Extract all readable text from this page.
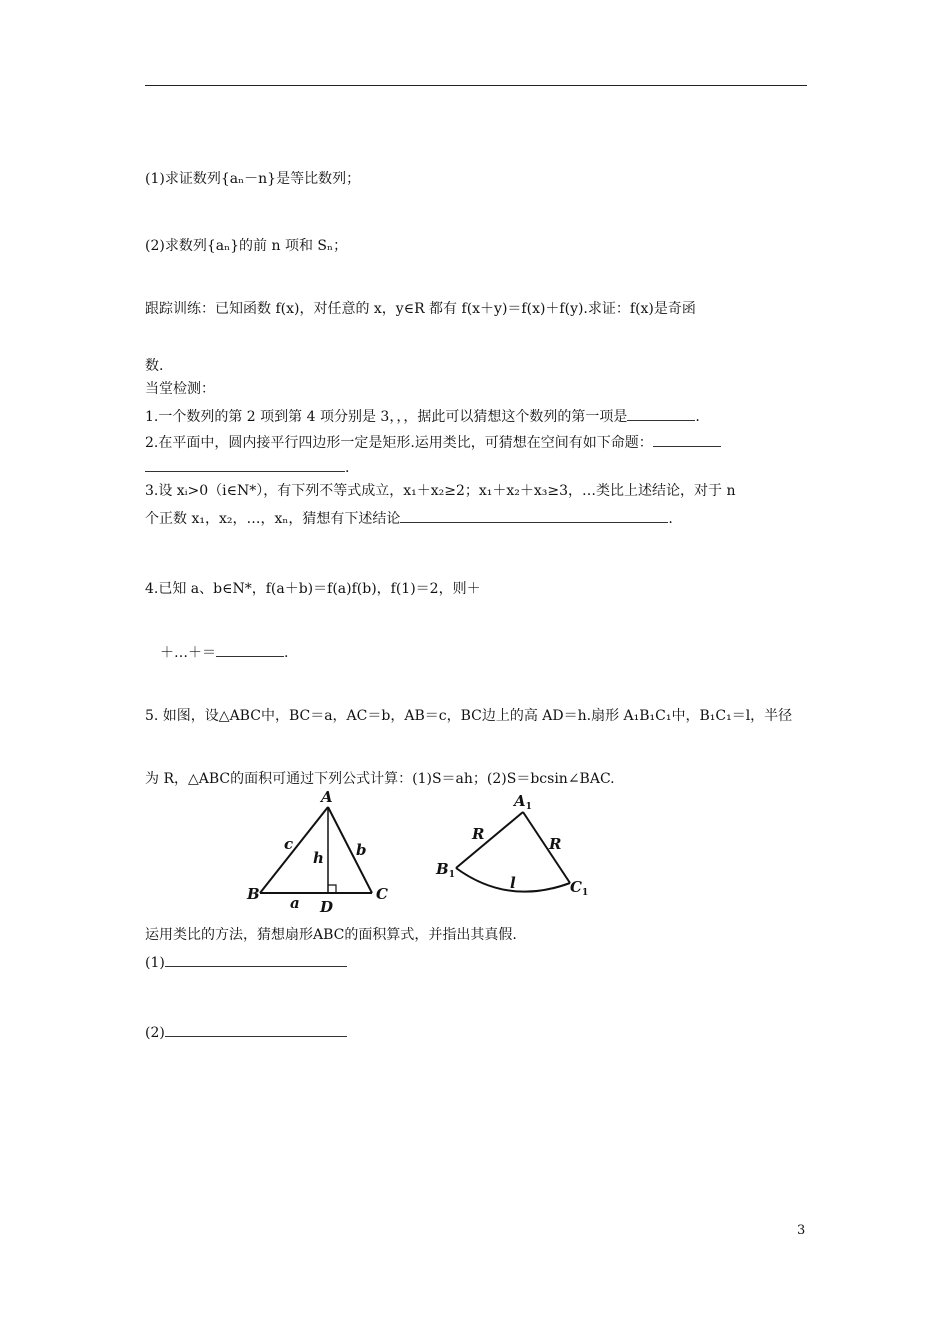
(1)求证数列{aₙ－n}是等比数列；
(2)求数列{aₙ}的前 n 项和 Sₙ；
跟踪训练：已知函数 f(x)，对任意的 x，y∈R 都有 f(x＋y)＝f(x)＋f(y).求证：f(x)是奇函
数.
当堂检测：
1.一个数列的第 2 项到第 4 项分别是 3，，，据此可以猜想这个数列的第一项是	.
2.在平面中，圆内接平行四边形一定是矩形.运用类比，可猜想在空间有如下命题：
.
3.设 xᵢ>0（i∈N*），有下列不等式成立，x₁＋x₂≥2；x₁＋x₂＋x₃≥3，…类比上述结论，对于 n
个正数 x₁，x₂，…，xₙ，猜想有下述结论	.
4.已知 a、b∈N*，f(a＋b)＝f(a)f(b)，f(1)＝2，则＋
＋…＋＝	.
5. 如图，设△ABC中，BC＝a，AC＝b，AB＝c，BC边上的高 AD＝h.扇形 A₁B₁C₁中，B₁C₁＝l，半径
为 R，△ABC的面积可通过下列公式计算：(1)S＝ah；(2)S＝bcsin∠BAC.
A
B	C
D
a
b
c
h
$A_1$
$B_1$
$C_1$
R
R
l
运用类比的方法，猜想扇形ABC的面积算式，并指出其真假.
(1)
(2)
3
